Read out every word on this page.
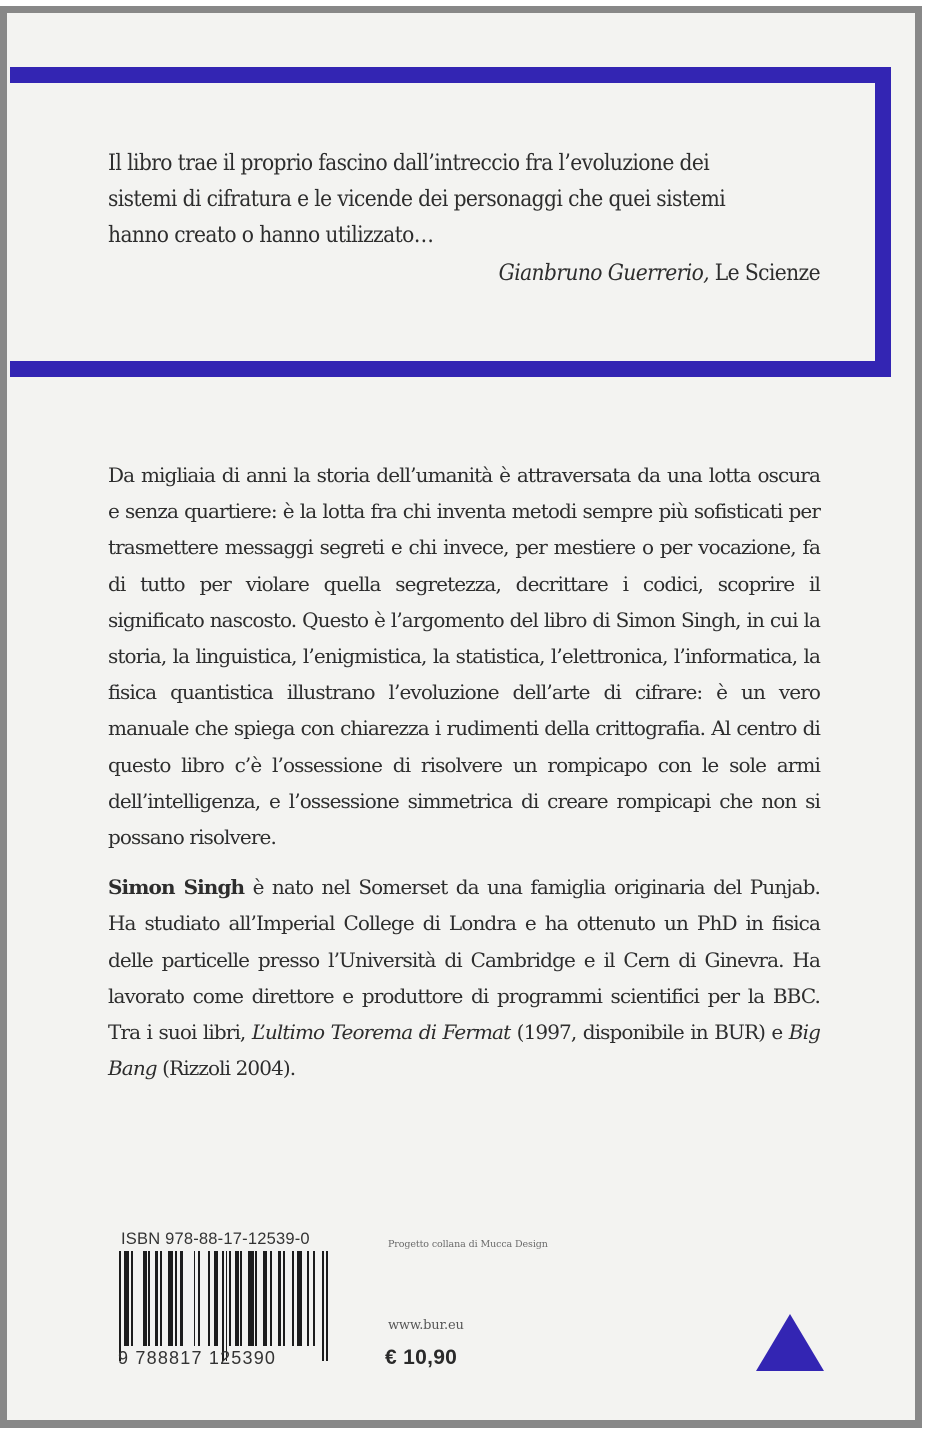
Il libro trae il proprio fascino dall’intreccio fra l’evoluzione dei

sistemi di cifratura e le vicende dei personaggi che quei sistemi

hanno creato o hanno utilizzato…

Gianbruno Guerrerio, Le Scienze

Da migliaia di anni la storia dell’umanità è attraversata da una lotta oscura e senza quartiere: è la lotta fra chi inventa metodi sempre più sofisticati per trasmettere messaggi segreti e chi invece, per mestiere o per vocazione, fa di tutto per violare quella segretezza, decrittare i codici, scoprire il significato nascosto. Questo è l’argomento del libro di Simon Singh, in cui la storia, la linguistica, l’enigmistica, la statistica, l’elettronica, l’informatica, la fisica quantistica illustrano l’evoluzione dell’arte di cifrare: è un vero manuale che spiega con chiarezza i rudimenti della crittografia. Al centro di questo libro c’è l’ossessione di risolvere un rompicapo con le sole armi dell’intelligenza, e l’ossessione simmetrica di creare rompicapi che non si possano risolvere.

Simon Singh è nato nel Somerset da una famiglia originaria del Punjab. Ha studiato all’Imperial College di Londra e ha ottenuto un PhD in fisica delle particelle presso l’Università di Cambridge e il Cern di Ginevra. Ha lavorato come direttore e produttore di programmi scientifici per la BBC. Tra i suoi libri, L’ultimo Teorema di Fermat (1997, disponibile in BUR) e Big Bang (Rizzoli 2004).

ISBN 978-88-17-12539-0
9 788817 125390
Progetto collana di Mucca Design
www.bur.eu
€ 10,90
